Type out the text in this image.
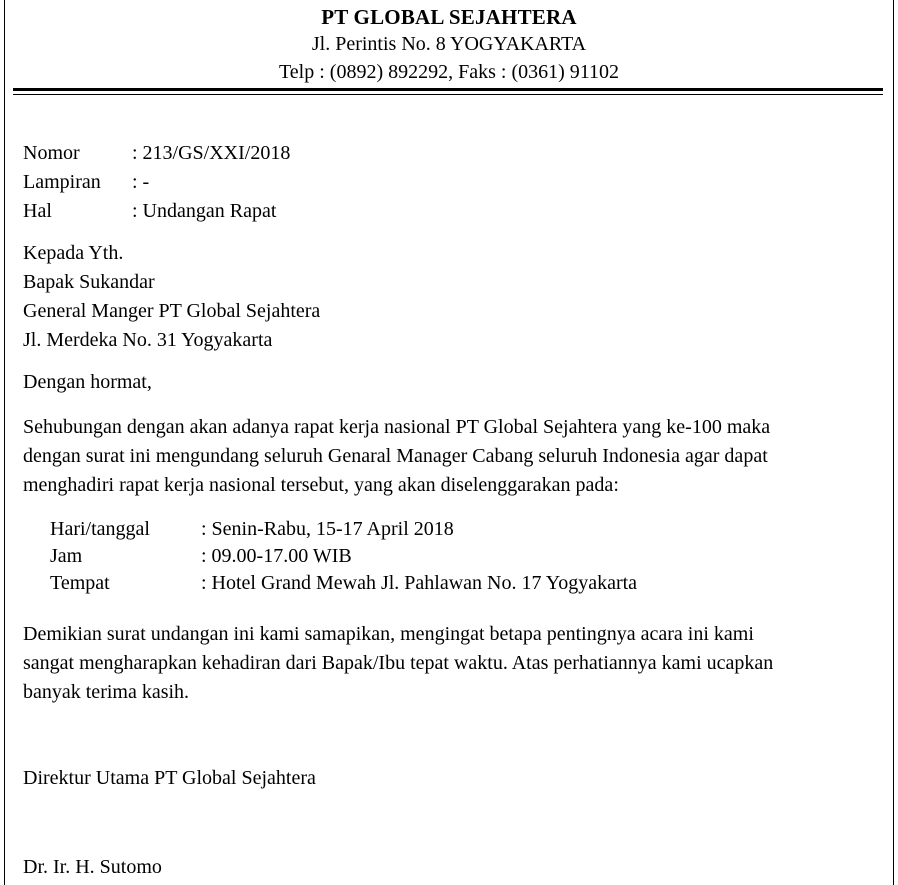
PT GLOBAL SEJAHTERA
Jl. Perintis No. 8 YOGYAKARTA
Telp : (0892) 892292, Faks : (0361) 91102
Nomor	: 213/GS/XXI/2018
Lampiran : -
Hal	: Undangan Rapat
Kepada Yth.
Bapak Sukandar
General Manger PT Global Sejahtera
Jl. Merdeka No. 31 Yogyakarta
Dengan hormat,
Sehubungan dengan akan adanya rapat kerja nasional PT Global Sejahtera yang ke-100 maka
dengan surat ini mengundang seluruh Genaral Manager Cabang seluruh Indonesia agar dapat
menghadiri rapat kerja nasional tersebut, yang akan diselenggarakan pada:
Hari/tanggal	: Senin-Rabu, 15-17 April 2018
Jam	: 09.00-17.00 WIB
Tempat	: Hotel Grand Mewah Jl. Pahlawan No. 17 Yogyakarta
Demikian surat undangan ini kami samapikan, mengingat betapa pentingnya acara ini kami
sangat mengharapkan kehadiran dari Bapak/Ibu tepat waktu. Atas perhatiannya kami ucapkan
banyak terima kasih.
Direktur Utama PT Global Sejahtera
Dr. Ir. H. Sutomo
